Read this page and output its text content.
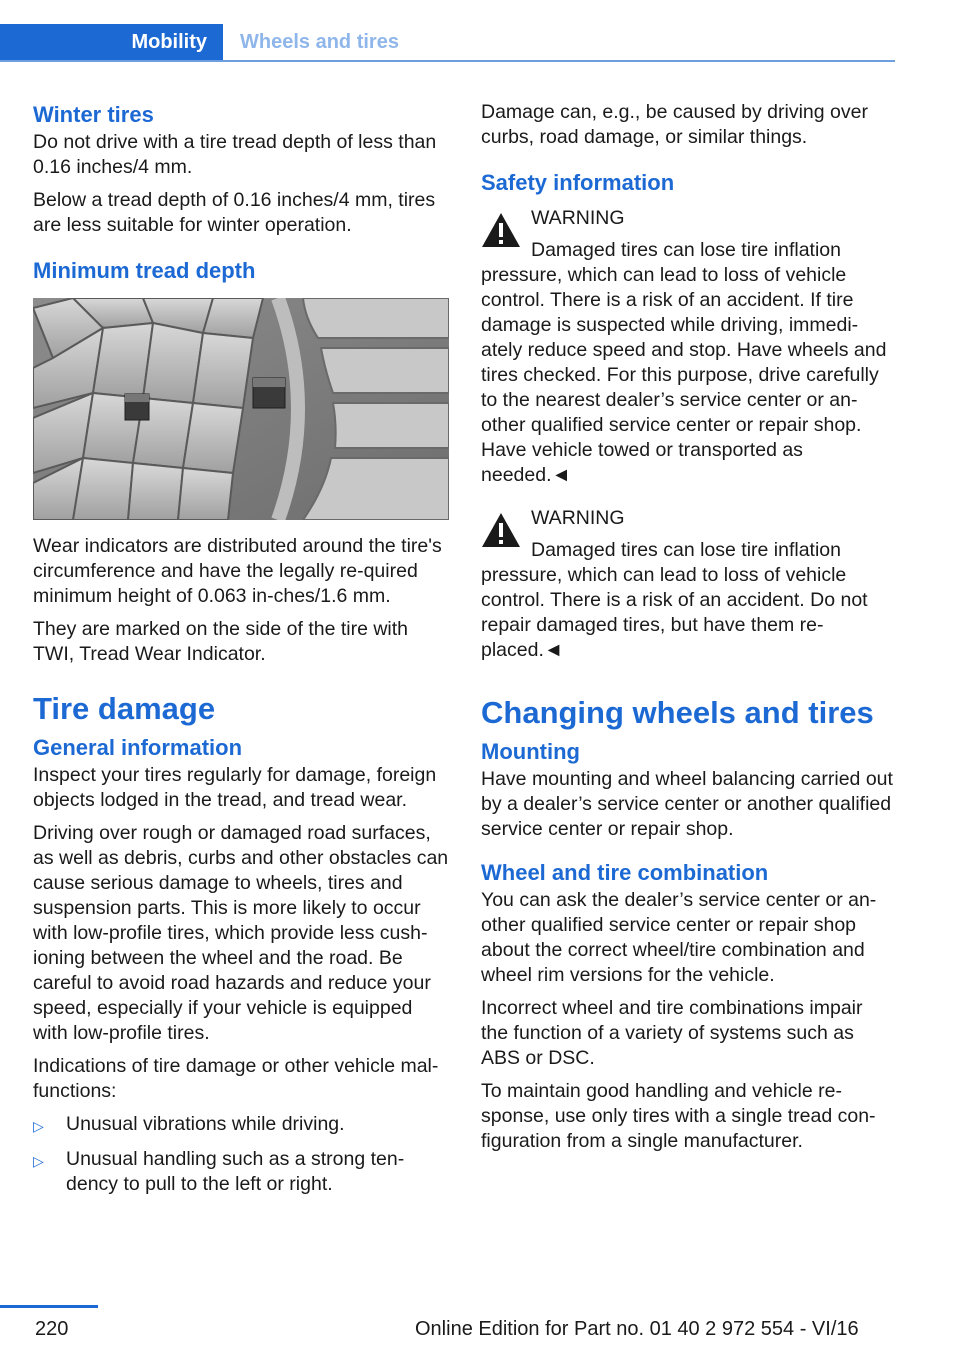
Mobility	Wheels and tires
Winter tires

Do not drive with a tire tread depth of less than 0.16 inches/4 mm.

Below a tread depth of 0.16 inches/4 mm, tires are less suitable for winter operation.

Minimum tread depth

Wear indicators are distributed around the tire's circumference and have the legally re‐quired minimum height of 0.063 in‐ches/1.6 mm.

They are marked on the side of the tire with TWI, Tread Wear Indicator.

Tire damage
General information

Inspect your tires regularly for damage, foreign objects lodged in the tread, and tread wear.

Driving over rough or damaged road surfaces, as well as debris, curbs and other obstacles can cause serious damage to wheels, tires and suspension parts. This is more likely to occur with low-profile tires, which provide less cush‐ioning between the wheel and the road. Be careful to avoid road hazards and reduce your speed, especially if your vehicle is equipped with low-profile tires.

Indications of tire damage or other vehicle mal‐functions:

▷	Unusual vibrations while driving.
▷	Unusual handling such as a strong ten‐dency to pull to the left or right.

Damage can, e.g., be caused by driving over curbs, road damage, or similar things.

Safety information
WARNING

Damaged tires can lose tire inflation pressure, which can lead to loss of vehicle control. There is a risk of an accident. If tire damage is suspected while driving, immedi‐ately reduce speed and stop. Have wheels and tires checked. For this purpose, drive carefully to the nearest dealer’s service center or an‐other qualified service center or repair shop. Have vehicle towed or transported as needed.◄

WARNING

Damaged tires can lose tire inflation pressure, which can lead to loss of vehicle control. There is a risk of an accident. Do not repair damaged tires, but have them re‐placed.◄

Changing wheels and tires
Mounting

Have mounting and wheel balancing carried out by a dealer’s service center or another qualified service center or repair shop.

Wheel and tire combination

You can ask the dealer’s service center or an‐other qualified service center or repair shop about the correct wheel/tire combination and wheel rim versions for the vehicle.

Incorrect wheel and tire combinations impair the function of a variety of systems such as ABS or DSC.

To maintain good handling and vehicle re‐sponse, use only tires with a single tread con‐figuration from a single manufacturer.

220	Online Edition for Part no. 01 40 2 972 554 - VI/16
